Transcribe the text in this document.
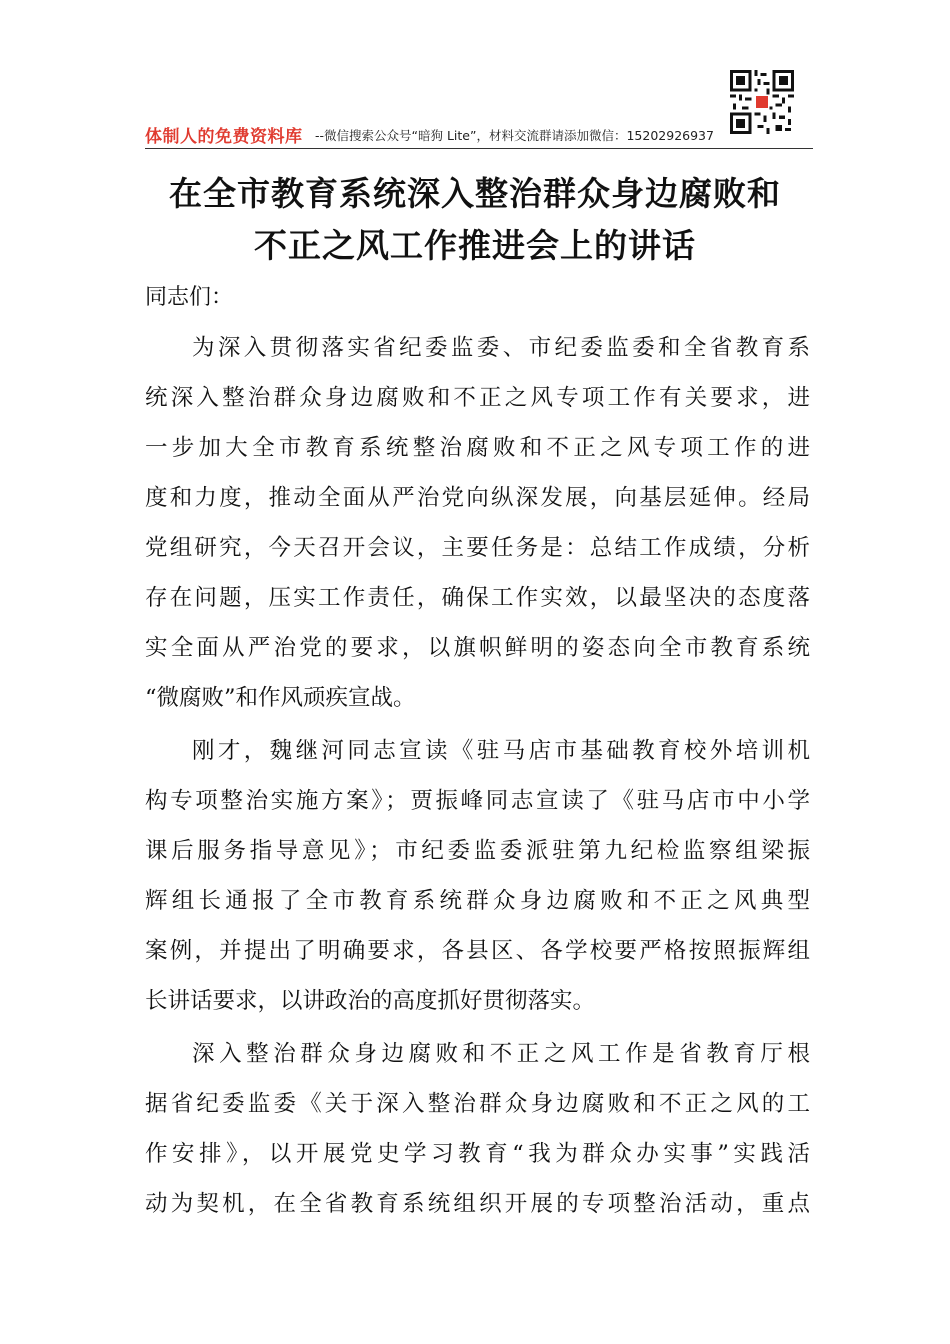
体制人的免费资料库 --微信搜索公众号“暗狗 Lite”，材料交流群请添加微信：15202926937
在全市教育系统深入整治群众身边腐败和
不正之风工作推进会上的讲话
同志们：
为深入贯彻落实省纪委监委、市纪委监委和全省教育系
统深入整治群众身边腐败和不正之风专项工作有关要求，进
一步加大全市教育系统整治腐败和不正之风专项工作的进
度和力度，推动全面从严治党向纵深发展，向基层延伸。经局
党组研究，今天召开会议，主要任务是：总结工作成绩，分析
存在问题，压实工作责任，确保工作实效，以最坚决的态度落
实全面从严治党的要求，以旗帜鲜明的姿态向全市教育系统
“微腐败”和作风顽疾宣战。
刚才，魏继河同志宣读《驻马店市基础教育校外培训机
构专项整治实施方案》；贾振峰同志宣读了《驻马店市中小学
课后服务指导意见》；市纪委监委派驻第九纪检监察组梁振
辉组长通报了全市教育系统群众身边腐败和不正之风典型
案例，并提出了明确要求，各县区、各学校要严格按照振辉组
长讲话要求，以讲政治的高度抓好贯彻落实。
深入整治群众身边腐败和不正之风工作是省教育厅根
据省纪委监委《关于深入整治群众身边腐败和不正之风的工
作安排》，以开展党史学习教育“我为群众办实事”实践活
动为契机，在全省教育系统组织开展的专项整治活动，重点
